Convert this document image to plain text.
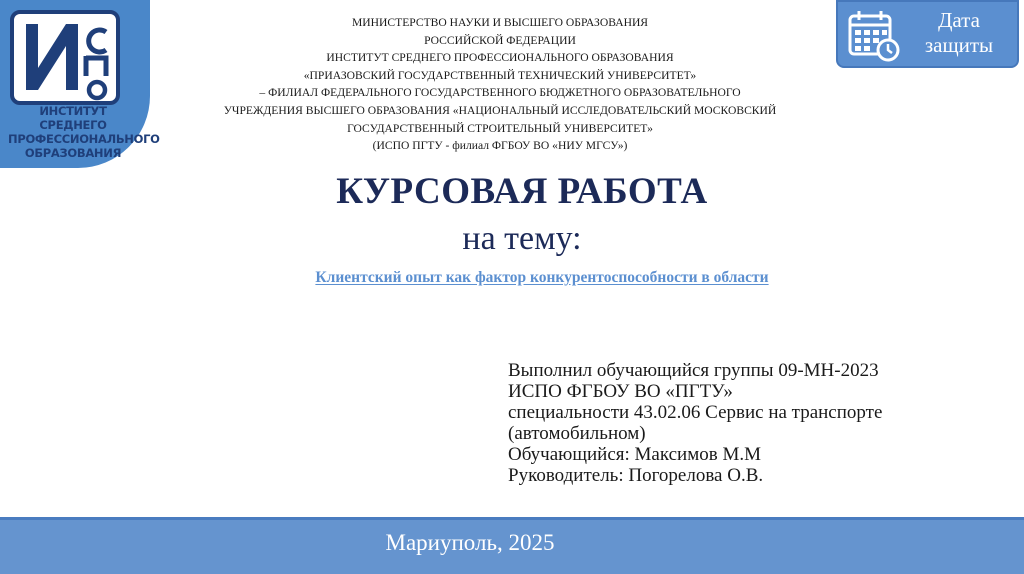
ИНСТИТУТ СРЕДНЕГО
ПРОФЕССИОНАЛЬНОГО
ОБРАЗОВАНИЯ
Дата защиты
МИНИСТЕРСТВО НАУКИ И ВЫСШЕГО ОБРАЗОВАНИЯ
РОССИЙСКОЙ ФЕДЕРАЦИИ
ИНСТИТУТ СРЕДНЕГО ПРОФЕССИОНАЛЬНОГО ОБРАЗОВАНИЯ
«ПРИАЗОВСКИЙ ГОСУДАРСТВЕННЫЙ ТЕХНИЧЕСКИЙ УНИВЕРСИТЕТ»
– ФИЛИАЛ ФЕДЕРАЛЬНОГО ГОСУДАРСТВЕННОГО БЮДЖЕТНОГО ОБРАЗОВАТЕЛЬНОГО
УЧРЕЖДЕНИЯ ВЫСШЕГО ОБРАЗОВАНИЯ «НАЦИОНАЛЬНЫЙ ИССЛЕДОВАТЕЛЬСКИЙ МОСКОВСКИЙ
ГОСУДАРСТВЕННЫЙ СТРОИТЕЛЬНЫЙ УНИВЕРСИТЕТ»
(ИСПО ПГТУ - филиал ФГБОУ ВО «НИУ МГСУ»)
КУРСОВАЯ РАБОТА
на тему:
Клиентский опыт как фактор конкурентоспособности в области
Выполнил обучающийся группы 09-МН-2023
ИСПО ФГБОУ ВО «ПГТУ»
специальности 43.02.06 Сервис на транспорте
(автомобильном)
Обучающийся: Максимов М.М
Руководитель: Погорелова О.В.
Мариуполь, 2025
